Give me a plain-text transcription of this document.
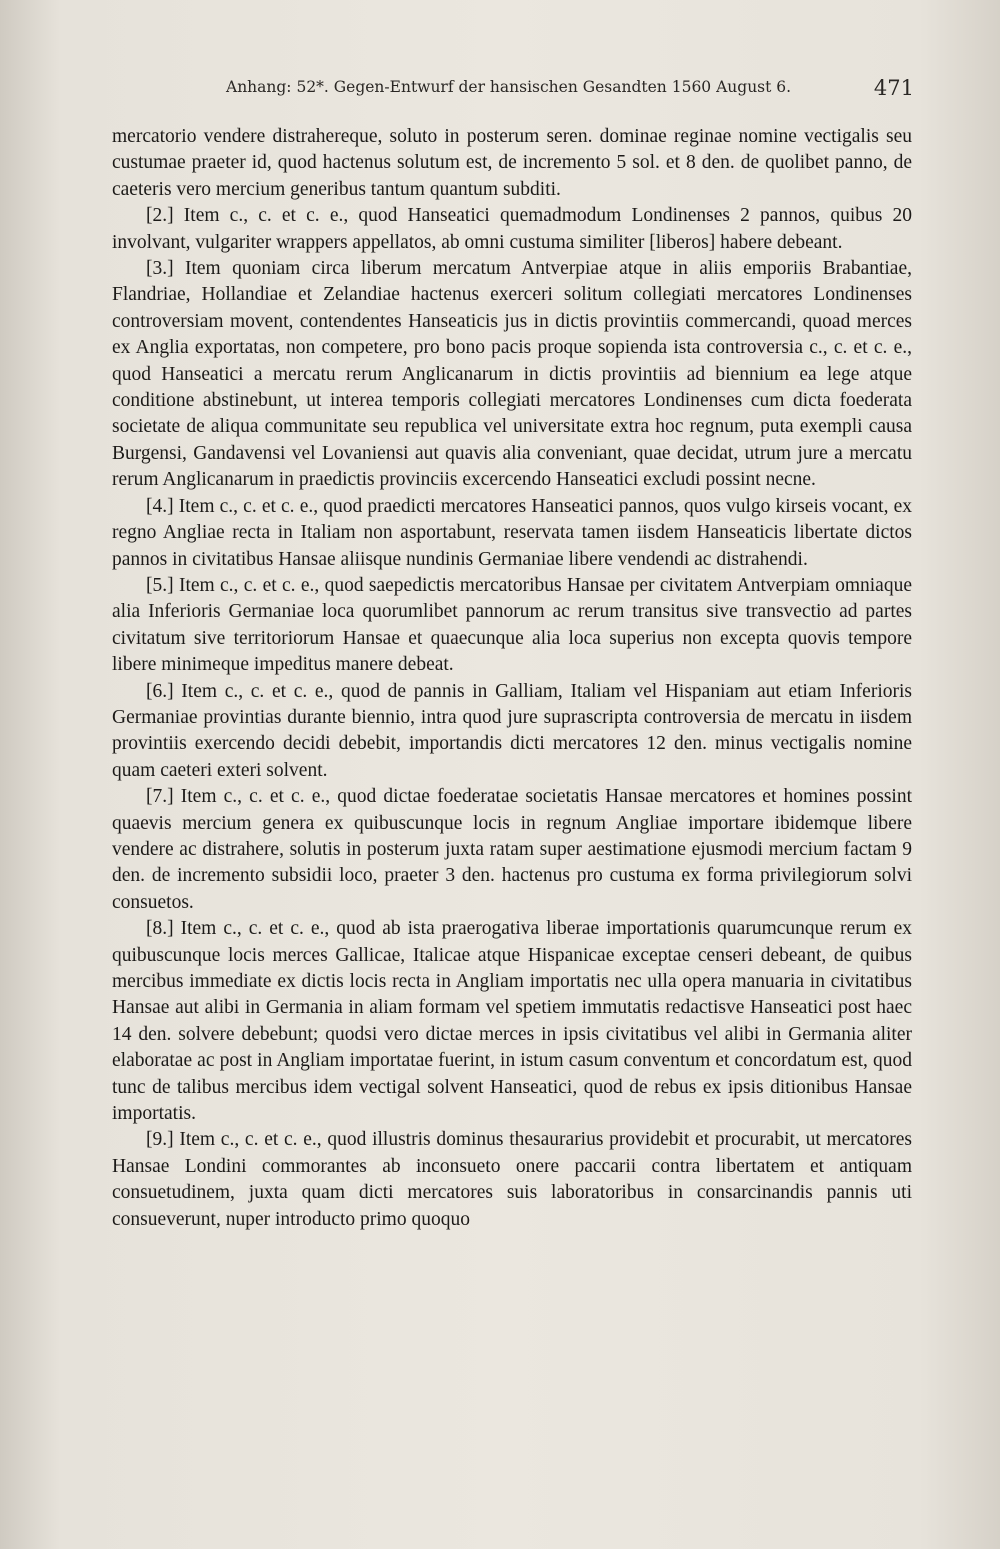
Anhang: 52*. Gegen-Entwurf der hansischen Gesandten 1560 August 6.	471

mercatorio vendere distrahereque, soluto in posterum seren. dominae reginae nomine vectigalis seu custumae praeter id, quod hactenus solutum est, de incremento 5 sol. et 8 den. de quolibet panno, de caeteris vero mercium generibus tantum quantum subditi.

[2.] Item c., c. et c. e., quod Hanseatici quemadmodum Londinenses 2 pannos, quibus 20 involvant, vulgariter wrappers appellatos, ab omni custuma similiter [liberos] habere debeant.

[3.] Item quoniam circa liberum mercatum Antverpiae atque in aliis emporiis Brabantiae, Flandriae, Hollandiae et Zelandiae hactenus exerceri solitum collegiati mercatores Londinenses controversiam movent, contendentes Hanseaticis jus in dictis provintiis commercandi, quoad merces ex Anglia exportatas, non competere, pro bono pacis proque sopienda ista controversia c., c. et c. e., quod Hanseatici a mercatu rerum Anglicanarum in dictis provintiis ad biennium ea lege atque conditione abstinebunt, ut interea temporis collegiati mercatores Londinenses cum dicta foederata societate de aliqua communitate seu republica vel universitate extra hoc regnum, puta exempli causa Burgensi, Gandavensi vel Lovaniensi aut quavis alia conveniant, quae decidat, utrum jure a mercatu rerum Anglicanarum in praedictis provinciis excercendo Hanseatici excludi possint necne.

[4.] Item c., c. et c. e., quod praedicti mercatores Hanseatici pannos, quos vulgo kirseis vocant, ex regno Angliae recta in Italiam non asportabunt, reservata tamen iisdem Hanseaticis libertate dictos pannos in civitatibus Hansae aliisque nundinis Germaniae libere vendendi ac distrahendi.

[5.] Item c., c. et c. e., quod saepedictis mercatoribus Hansae per civitatem Antverpiam omniaque alia Inferioris Germaniae loca quorumlibet pannorum ac rerum transitus sive transvectio ad partes civitatum sive territoriorum Hansae et quaecunque alia loca superius non excepta quovis tempore libere minimeque impeditus manere debeat.

[6.] Item c., c. et c. e., quod de pannis in Galliam, Italiam vel Hispaniam aut etiam Inferioris Germaniae provintias durante biennio, intra quod jure suprascripta controversia de mercatu in iisdem provintiis exercendo decidi debebit, importandis dicti mercatores 12 den. minus vectigalis nomine quam caeteri exteri solvent.

[7.] Item c., c. et c. e., quod dictae foederatae societatis Hansae mercatores et homines possint quaevis mercium genera ex quibuscunque locis in regnum Angliae importare ibidemque libere vendere ac distrahere, solutis in posterum juxta ratam super aestimatione ejusmodi mercium factam 9 den. de incremento subsidii loco, praeter 3 den. hactenus pro custuma ex forma privilegiorum solvi consuetos.

[8.] Item c., c. et c. e., quod ab ista praerogativa liberae importationis quarumcunque rerum ex quibuscunque locis merces Gallicae, Italicae atque Hispanicae exceptae censeri debeant, de quibus mercibus immediate ex dictis locis recta in Angliam importatis nec ulla opera manuaria in civitatibus Hansae aut alibi in Germania in aliam formam vel spetiem immutatis redactisve Hanseatici post haec 14 den. solvere debebunt; quodsi vero dictae merces in ipsis civitatibus vel alibi in Germania aliter elaboratae ac post in Angliam importatae fuerint, in istum casum conventum et concordatum est, quod tunc de talibus mercibus idem vectigal solvent Hanseatici, quod de rebus ex ipsis ditionibus Hansae importatis.

[9.] Item c., c. et c. e., quod illustris dominus thesaurarius providebit et procurabit, ut mercatores Hansae Londini commorantes ab inconsueto onere paccarii contra libertatem et antiquam consuetudinem, juxta quam dicti mercatores suis laboratoribus in consarcinandis pannis uti consueverunt, nuper introducto primo quoquo
